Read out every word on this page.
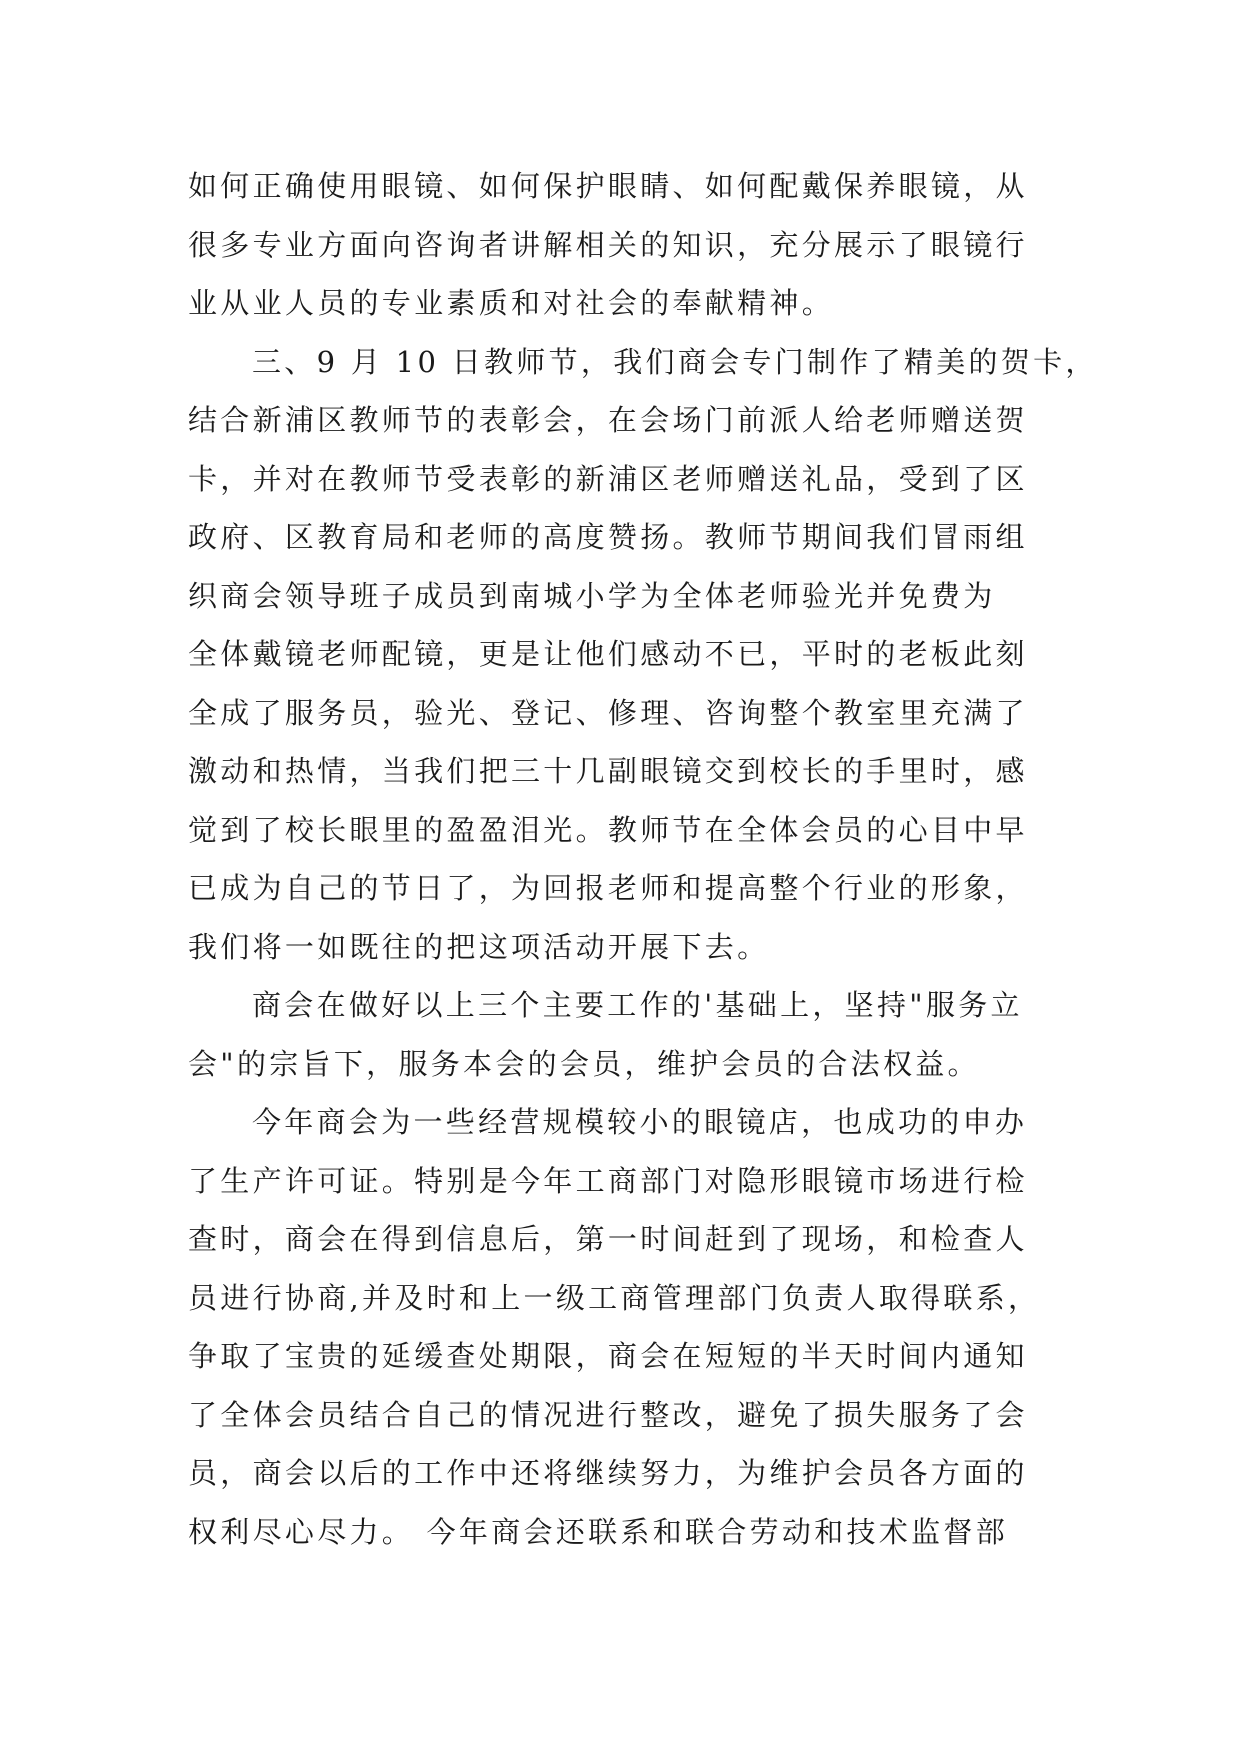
如何正确使用眼镜、如何保护眼睛、如何配戴保养眼镜，从
很多专业方面向咨询者讲解相关的知识，充分展示了眼镜行
业从业人员的专业素质和对社会的奉献精神。
三、9 月 10 日教师节，我们商会专门制作了精美的贺卡，
结合新浦区教师节的表彰会，在会场门前派人给老师赠送贺
卡，并对在教师节受表彰的新浦区老师赠送礼品，受到了区
政府、区教育局和老师的高度赞扬。教师节期间我们冒雨组
织商会领导班子成员到南城小学为全体老师验光并免费为
全体戴镜老师配镜，更是让他们感动不已，平时的老板此刻
全成了服务员，验光、登记、修理、咨询整个教室里充满了
激动和热情，当我们把三十几副眼镜交到校长的手里时，感
觉到了校长眼里的盈盈泪光。教师节在全体会员的心目中早
已成为自己的节日了，为回报老师和提高整个行业的形象，
我们将一如既往的把这项活动开展下去。
商会在做好以上三个主要工作的'基础上，坚持"服务立
会"的宗旨下，服务本会的会员，维护会员的合法权益。
今年商会为一些经营规模较小的眼镜店，也成功的申办
了生产许可证。特别是今年工商部门对隐形眼镜市场进行检
查时，商会在得到信息后，第一时间赶到了现场，和检查人
员进行协商,并及时和上一级工商管理部门负责人取得联系，
争取了宝贵的延缓查处期限，商会在短短的半天时间内通知
了全体会员结合自己的情况进行整改，避免了损失服务了会
员，商会以后的工作中还将继续努力，为维护会员各方面的
权利尽心尽力。 今年商会还联系和联合劳动和技术监督部
